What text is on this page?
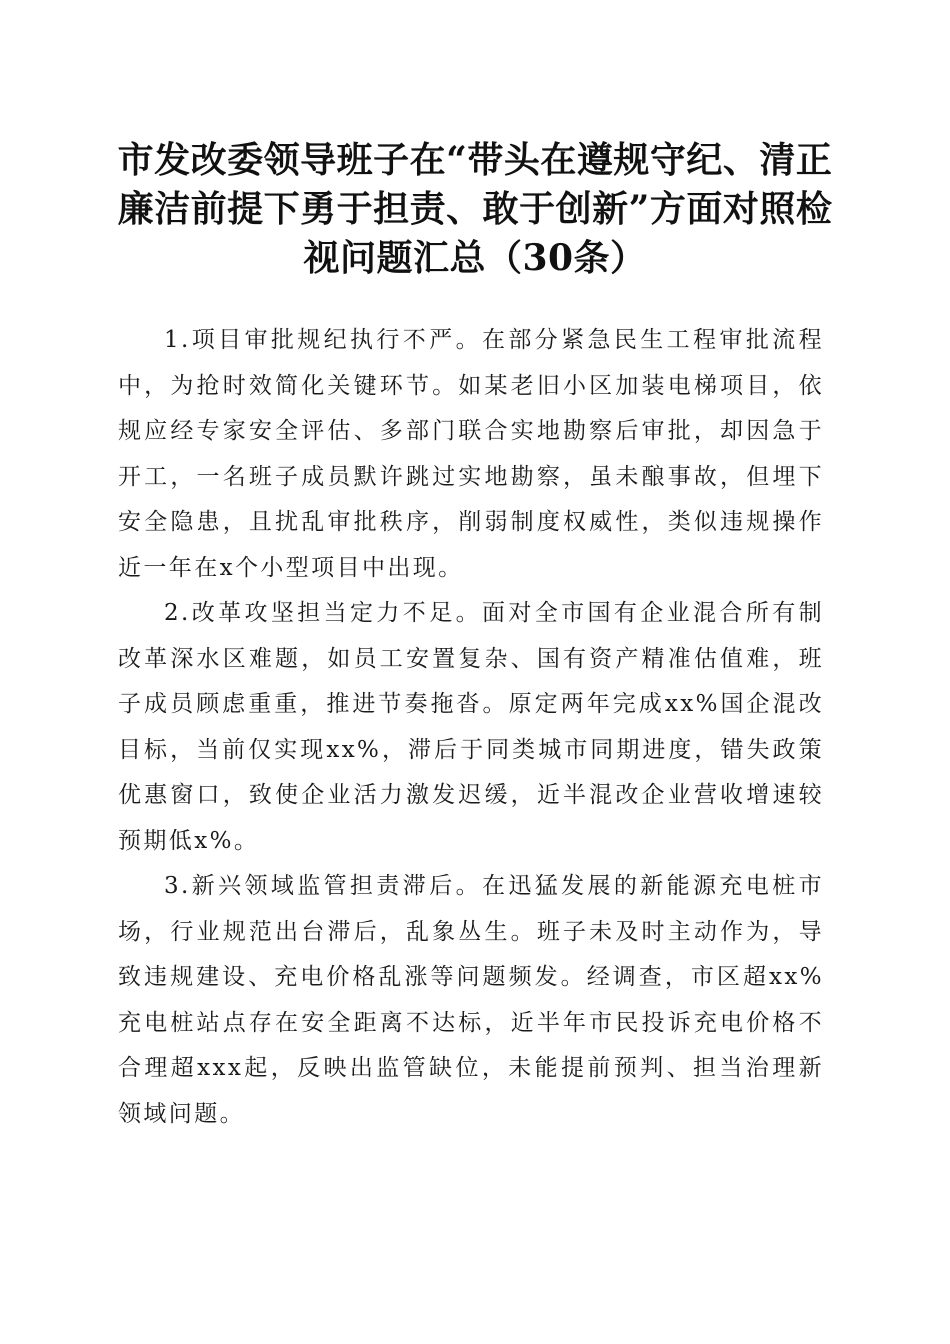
市发改委领导班子在“带头在遵规守纪、清正廉洁前提下勇于担责、敢于创新”方面对照检视问题汇总（30条）

1.项目审批规纪执行不严。在部分紧急民生工程审批流程中，为抢时效简化关键环节。如某老旧小区加装电梯项目，依规应经专家安全评估、多部门联合实地勘察后审批，却因急于开工，一名班子成员默许跳过实地勘察，虽未酿事故，但埋下安全隐患，且扰乱审批秩序，削弱制度权威性，类似违规操作近一年在x个小型项目中出现。

2.改革攻坚担当定力不足。面对全市国有企业混合所有制改革深水区难题，如员工安置复杂、国有资产精准估值难，班子成员顾虑重重，推进节奏拖沓。原定两年完成xx%国企混改目标，当前仅实现xx%，滞后于同类城市同期进度，错失政策优惠窗口，致使企业活力激发迟缓，近半混改企业营收增速较预期低x%。

3.新兴领域监管担责滞后。在迅猛发展的新能源充电桩市场，行业规范出台滞后，乱象丛生。班子未及时主动作为，导致违规建设、充电价格乱涨等问题频发。经调查，市区超xx%充电桩站点存在安全距离不达标，近半年市民投诉充电价格不合理超xxx起，反映出监管缺位，未能提前预判、担当治理新领域问题。
